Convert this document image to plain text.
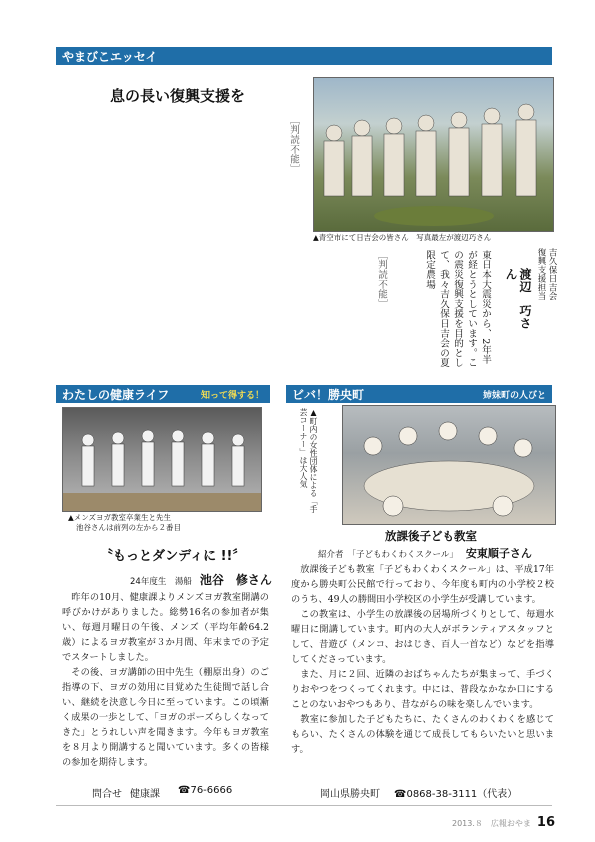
やまびこエッセイ
息の長い復興支援を
［判読不能］
▲青空市にて日吉会の皆さん　写真最左が渡辺巧さん
吉久保日吉会
復興支援担当
渡辺　巧さん
東日本大震災から、2年半が経とうとしています。この震災復興支援を目的として、我々吉久保日吉会の夏限定農場
［判読不能］
わたしの健康ライフ	知って得する！
▲メンズヨガ教室卒業生と先生
池谷さんは前列の左から２番目
〝もっとダンディに !!〞
24年度生　湯船 池谷　修さん

昨年の10月、健康課よりメンズヨガ教室開講の呼びかけがありました。総勢16名の参加者が集い、毎週月曜日の午後、メンズ（平均年齢64.2歳）によるヨガ教室が３か月間、年末までの予定でスタートしました。

その後、ヨガ講師の田中先生（棚原出身）のご指導の下、ヨガの効用に目覚めた生徒間で話し合い、継続を決意し今日に至っています。この頃漸く成果の一歩として、「ヨガのポーズらしくなってきた」とうれしい声を聞きます。今年もヨガ教室を８月より開講すると聞いています。多くの皆様の参加を期待します。

問合せ 健康課 ☎76-6666
ビバ！勝央町	姉妹町の人びと
▲町内の女性団体による「手芸コーナー」は大人気
放課後子ども教室
紹介者 「子どもわくわくスクール」 安東順子さん

放課後子ども教室「子どもわくわくスクール」は、平成17年度から勝央町公民館で行っており、今年度も町内の小学校２校のうち、49人の勝間田小学校区の小学生が受講しています。

この教室は、小学生の放課後の居場所づくりとして、毎週水曜日に開講しています。町内の大人がボランティアスタッフとして、昔遊び（メンコ、おはじき、百人一首など）などを指導してくださっています。

また、月に２回、近隣のおばちゃんたちが集まって、手づくりおやつをつくってくれます。中には、普段なかなか口にすることのないおやつもあり、昔ながらの味を楽しんでいます。

教室に参加した子どもたちに、たくさんのわくわくを感じてもらい、たくさんの体験を通じて成長してもらいたいと思います。

岡山県勝央町 ☎0868-38-3111（代表）
2013.８　広報おやま 16
